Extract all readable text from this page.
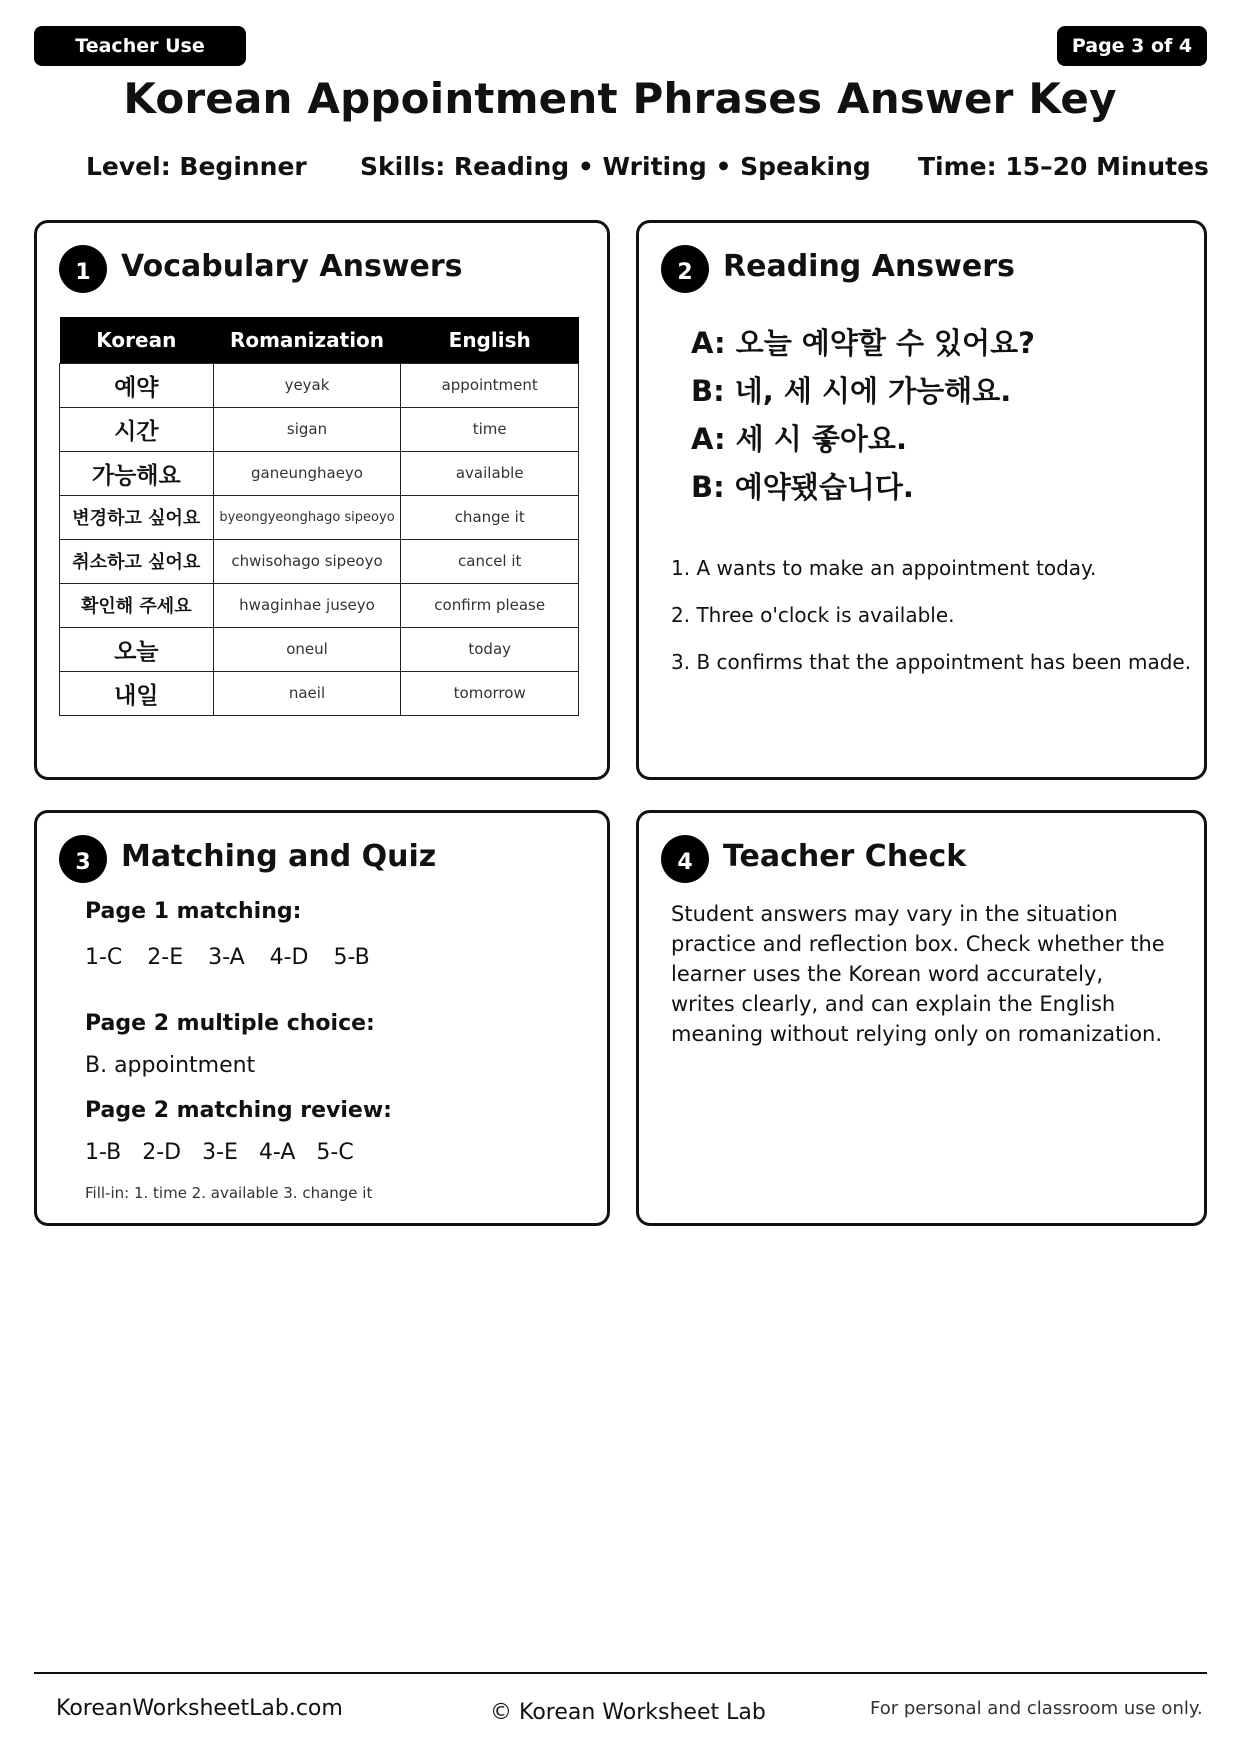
Teacher Use	Page 3 of 4
Korean Appointment Phrases Answer Key
Level: Beginner Skills: Reading • Writing • Speaking Time: 15–20 Minutes
1	Vocabulary Answers
Korean	Romanization	English
예약	yeyak	appointment
시간	sigan	time
가능해요	ganeunghaeyo	available
변경하고 싶어요	byeongyeonghago sipeoyo	change it
취소하고 싶어요	chwisohago sipeoyo	cancel it
확인해 주세요	hwaginhae juseyo	confirm please
오늘	oneul	today
내일	naeil	tomorrow
2	Reading Answers
A: 오늘 예약할 수 있어요?
B: 네, 세 시에 가능해요.
A: 세 시 좋아요.
B: 예약됐습니다.
1. A wants to make an appointment today.
2. Three o'clock is available.
3. B confirms that the appointment has been made.
3	Matching and Quiz
Page 1 matching:
1-C 2-E 3-A 4-D 5-B
Page 2 multiple choice:
B. appointment
Page 2 matching review:
1-B 2-D 3-E 4-A 5-C
Fill-in: 1. time 2. available 3. change it
4	Teacher Check

Student answers may vary in the situation practice and reflection box. Check whether the learner uses the Korean word accurately, writes clearly, and can explain the English meaning without relying only on romanization.

KoreanWorksheetLab.com	© Korean Worksheet Lab	For personal and classroom use only.
